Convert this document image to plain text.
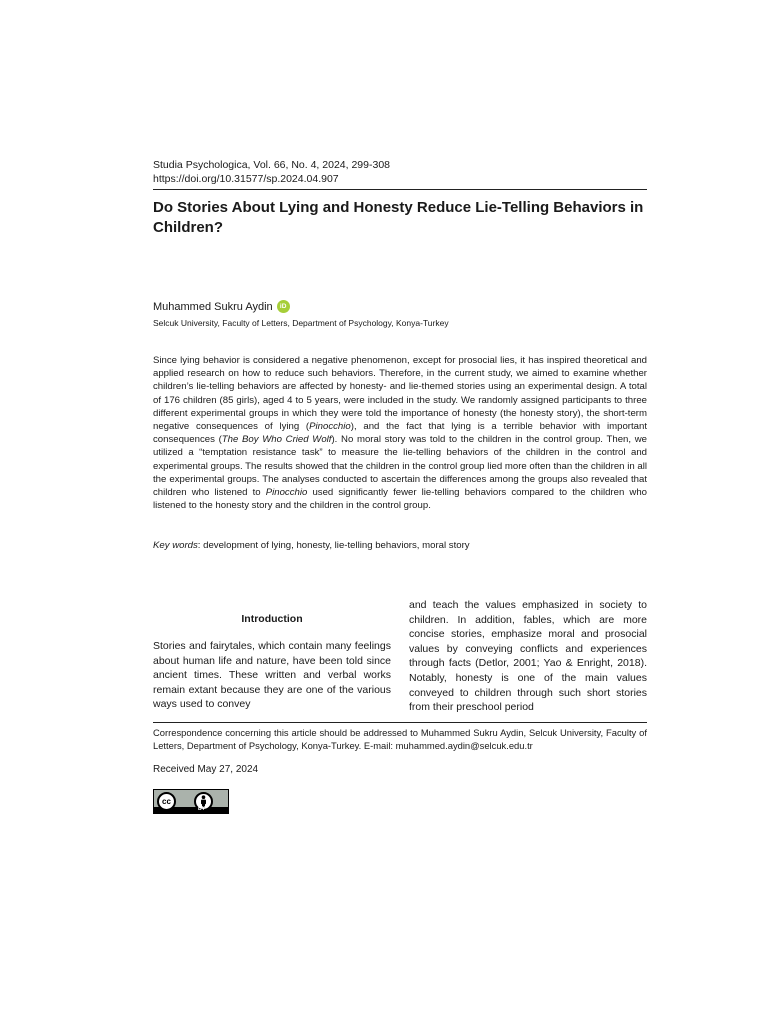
Studia Psychologica, Vol. 66, No. 4, 2024, 299-308
https://doi.org/10.31577/sp.2024.04.907
Do Stories About Lying and Honesty Reduce Lie-Telling Behaviors in Children?
Muhammed Sukru Aydin	iD
Selcuk University, Faculty of Letters, Department of Psychology, Konya-Turkey

Since lying behavior is considered a negative phenomenon, except for prosocial lies, it has inspired theoretical and applied research on how to reduce such behaviors. Therefore, in the current study, we aimed to examine whether children’s lie-telling behaviors are affected by honesty- and lie-themed stories using an experimental design. A total of 176 children (85 girls), aged 4 to 5 years, were included in the study. We randomly assigned participants to three different experimental groups in which they were told the importance of honesty (the honesty story), the short-term negative consequences of lying (Pinocchio), and the fact that lying is a terrible behavior with important consequences (The Boy Who Cried Wolf). No moral story was told to the children in the control group. Then, we utilized a “temptation resistance task” to measure the lie-telling behaviors of the children in the control and experimental groups. The results showed that the children in the control group lied more often than the children in all the experimental groups. The analyses conducted to ascertain the differences among the groups also revealed that children who listened to Pinocchio used significantly fewer lie-telling behaviors compared to the children who listened to the honesty story and the children in the control group.

Key words: development of lying, honesty, lie-telling behaviors, moral story
Introduction

Stories and fairytales, which contain many feelings about human life and nature, have been told since ancient times. These written and verbal works remain extant because they are one of the various ways used to convey

and teach the values emphasized in society to children. In addition, fables, which are more concise stories, emphasize moral and prosocial values by conveying conflicts and experiences through facts (Detlor, 2001; Yao & Enright, 2018). Notably, honesty is one of the main values conveyed to children through such short stories from their preschool period

Correspondence concerning this article should be addressed to Muhammed Sukru Aydin, Selcuk University, Faculty of Letters, Department of Psychology, Konya-Turkey. E-mail: muhammed.aydin@selcuk.edu.tr

Received May 27, 2024
cc
BY
